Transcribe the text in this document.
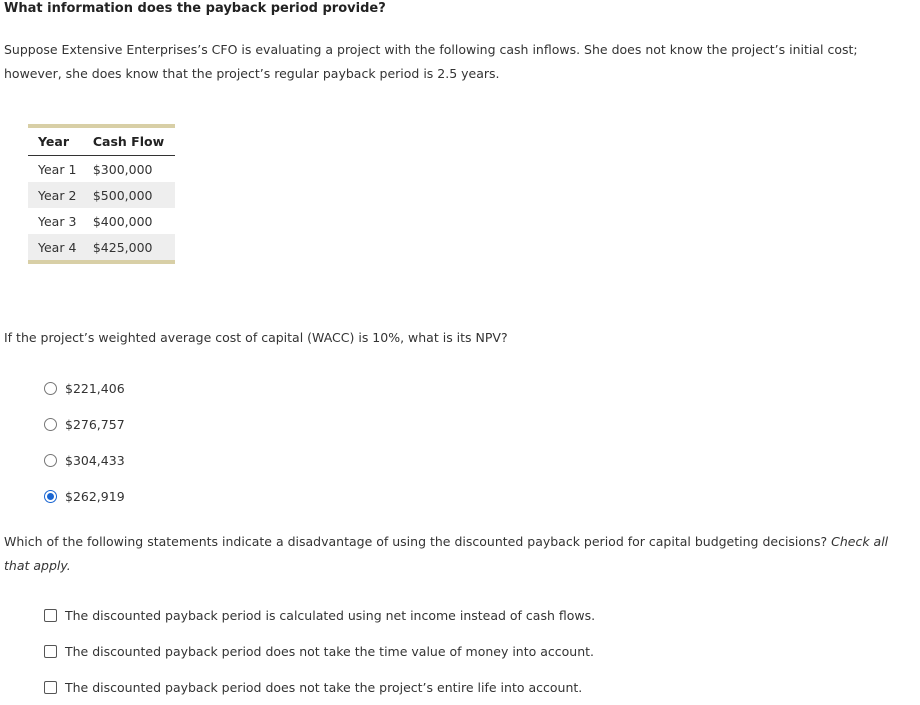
What information does the payback period provide?
Suppose Extensive Enterprises’s CFO is evaluating a project with the following cash inflows. She does not know the project’s initial cost; however, she does know that the project’s regular payback period is 2.5 years.
Year	Cash Flow
Year 1	$300,000
Year 2	$500,000
Year 3	$400,000
Year 4	$425,000
If the project’s weighted average cost of capital (WACC) is 10%, what is its NPV?
$221,406
$276,757
$304,433
$262,919
Which of the following statements indicate a disadvantage of using the discounted payback period for capital budgeting decisions? Check all that apply.
The discounted payback period is calculated using net income instead of cash flows.
The discounted payback period does not take the time value of money into account.
The discounted payback period does not take the project’s entire life into account.
